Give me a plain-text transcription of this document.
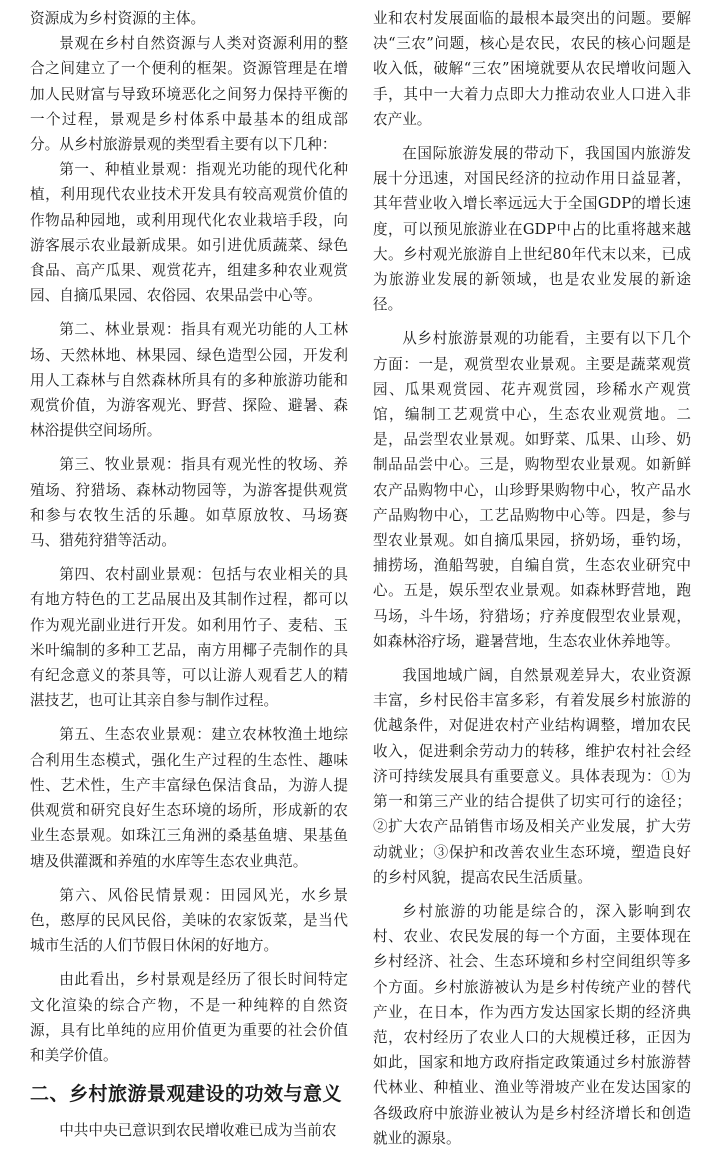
资源成为乡村资源的主体。

景观在乡村自然资源与人类对资源利用的整合之间建立了一个便利的框架。资源管理是在增加人民财富与导致环境恶化之间努力保持平衡的一个过程，景观是乡村体系中最基本的组成部分。从乡村旅游景观的类型看主要有以下几种：

第一、种植业景观：指观光功能的现代化种植，利用现代农业技术开发具有较高观赏价值的作物品种园地，或利用现代化农业栽培手段，向游客展示农业最新成果。如引进优质蔬菜、绿色食品、高产瓜果、观赏花卉，组建多种农业观赏园、自摘瓜果园、农俗园、农果品尝中心等。

第二、林业景观：指具有观光功能的人工林场、天然林地、林果园、绿色造型公园，开发利用人工森林与自然森林所具有的多种旅游功能和观赏价值，为游客观光、野营、探险、避暑、森林浴提供空间场所。

第三、牧业景观：指具有观光性的牧场、养殖场、狩猎场、森林动物园等，为游客提供观赏和参与农牧生活的乐趣。如草原放牧、马场赛马、猎苑狩猎等活动。

第四、农村副业景观：包括与农业相关的具有地方特色的工艺品展出及其制作过程，都可以作为观光副业进行开发。如利用竹子、麦秸、玉米叶编制的多种工艺品，南方用椰子壳制作的具有纪念意义的茶具等，可以让游人观看艺人的精湛技艺，也可让其亲自参与制作过程。

第五、生态农业景观：建立农林牧渔土地综合利用生态模式，强化生产过程的生态性、趣味性、艺术性，生产丰富绿色保洁食品，为游人提供观赏和研究良好生态环境的场所，形成新的农业生态景观。如珠江三角洲的桑基鱼塘、果基鱼塘及供灌溉和养殖的水库等生态农业典范。

第六、风俗民情景观：田园风光，水乡景色，憨厚的民风民俗，美味的农家饭菜，是当代城市生活的人们节假日休闲的好地方。

由此看出，乡村景观是经历了很长时间特定文化渲染的综合产物，不是一种纯粹的自然资源，具有比单纯的应用价值更为重要的社会价值和美学价值。

二、乡村旅游景观建设的功效与意义

中共中央已意识到农民增收难已成为当前农

业和农村发展面临的最根本最突出的问题。要解决“三农”问题，核心是农民，农民的核心问题是收入低，破解“三农”困境就要从农民增收问题入手，其中一大着力点即大力推动农业人口进入非农产业。

在国际旅游发展的带动下，我国国内旅游发展十分迅速，对国民经济的拉动作用日益显著，其年营业收入增长率远远大于全国GDP的增长速度，可以预见旅游业在GDP中占的比重将越来越大。乡村观光旅游自上世纪80年代末以来，已成为旅游业发展的新领域，也是农业发展的新途径。

从乡村旅游景观的功能看，主要有以下几个方面：一是，观赏型农业景观。主要是蔬菜观赏园、瓜果观赏园、花卉观赏园，珍稀水产观赏馆，编制工艺观赏中心，生态农业观赏地。二是，品尝型农业景观。如野菜、瓜果、山珍、奶制品品尝中心。三是，购物型农业景观。如新鲜农产品购物中心，山珍野果购物中心，牧产品水产品购物中心，工艺品购物中心等。四是，参与型农业景观。如自摘瓜果园，挤奶场，垂钓场，捕捞场，渔船驾驶，自编自赏，生态农业研究中心。五是，娱乐型农业景观。如森林野营地，跑马场，斗牛场，狩猎场；疗养度假型农业景观，如森林浴疗场，避暑营地，生态农业休养地等。

我国地域广阔，自然景观差异大，农业资源丰富，乡村民俗丰富多彩，有着发展乡村旅游的优越条件，对促进农村产业结构调整，增加农民收入，促进剩余劳动力的转移，维护农村社会经济可持续发展具有重要意义。具体表现为：①为第一和第三产业的结合提供了切实可行的途径；②扩大农产品销售市场及相关产业发展，扩大劳动就业；③保护和改善农业生态环境，塑造良好的乡村风貌，提高农民生活质量。

乡村旅游的功能是综合的，深入影响到农村、农业、农民发展的每一个方面，主要体现在乡村经济、社会、生态环境和乡村空间组织等多个方面。乡村旅游被认为是乡村传统产业的替代产业，在日本，作为西方发达国家长期的经济典范，农村经历了农业人口的大规模迁移，正因为如此，国家和地方政府指定政策通过乡村旅游替代林业、种植业、渔业等滑坡产业在发达国家的各级政府中旅游业被认为是乡村经济增长和创造就业的源泉。
